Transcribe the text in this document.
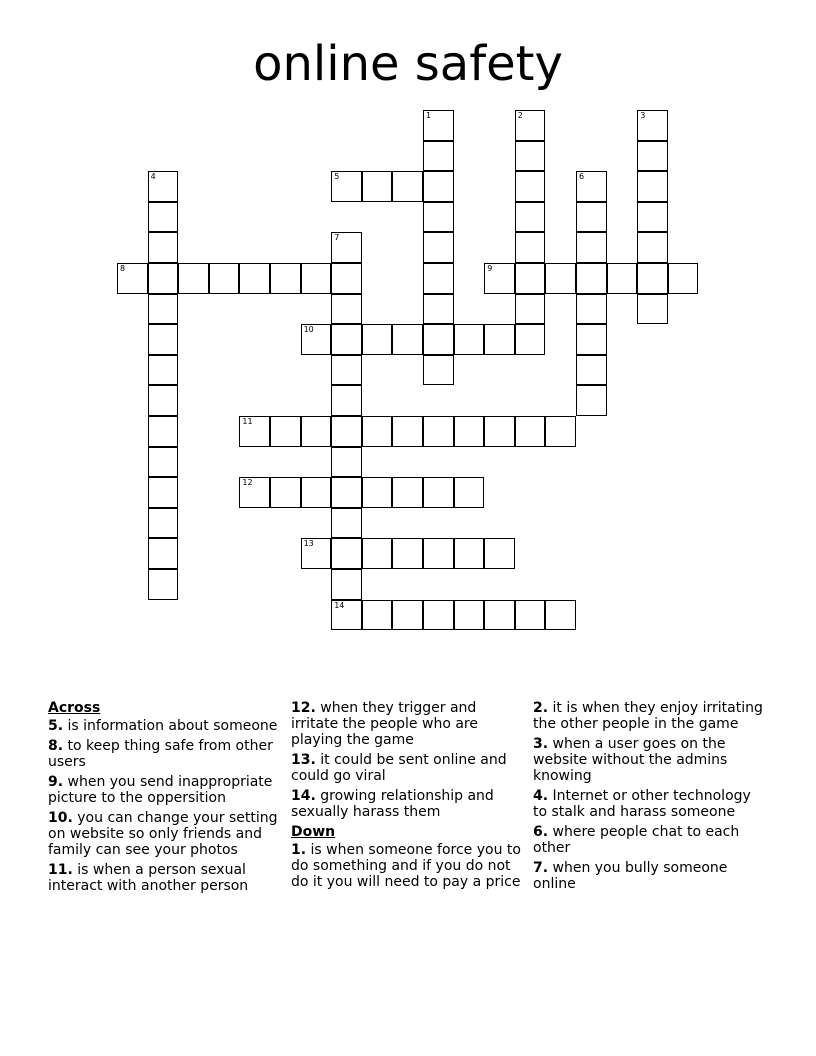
online safety
1	2	3
4	5	6
7
14
8	9
10
11
12
13
Across
5. is information about someone
8. to keep thing safe from other users
9. when you send inappropriate picture to the oppersition
10. you can change your setting on website so only friends and family can see your photos
11. is when a person sexual interact with another person
12. when they trigger and irritate the people who are playing the game
13. it could be sent online and could go viral
14. growing relationship and sexually harass them
Down
1. is when someone force you to do something and if you do not do it you will need to pay a price
2. it is when they enjoy irritating the other people in the game
3. when a user goes on the website without the admins knowing
4. Internet or other technology to stalk and harass someone
6. where people chat to each other
7. when you bully someone online
